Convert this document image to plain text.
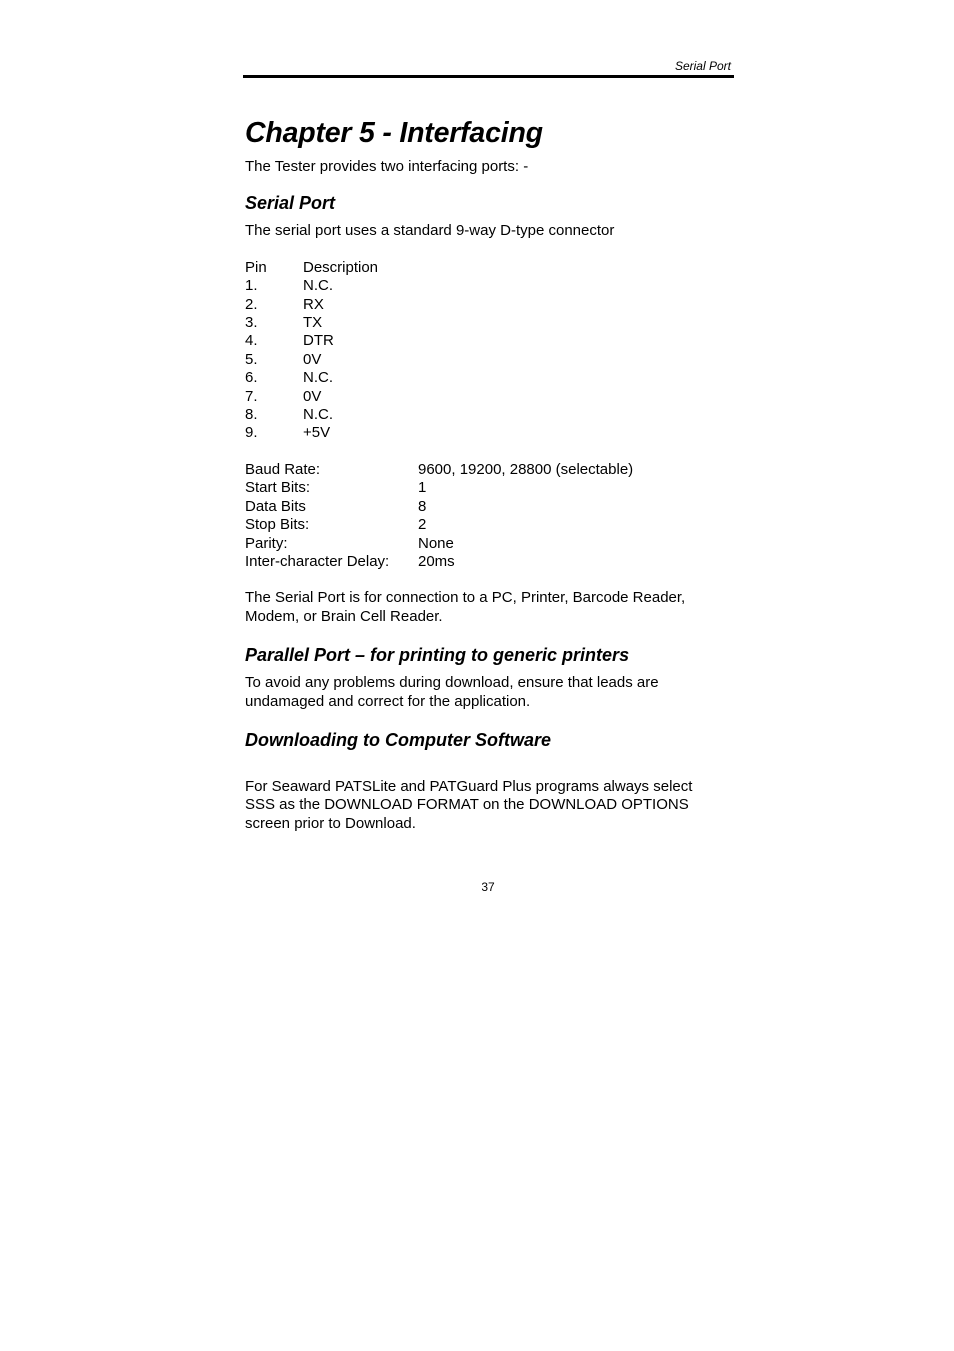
Serial Port
Chapter 5 - Interfacing

The Tester provides two interfacing ports: -

Serial Port

The serial port uses a standard 9-way D-type connector

Pin	Description
1.	N.C.
2.	RX
3.	TX
4.	DTR
5.	0V
6.	N.C.
7.	0V
8.	N.C.
9.	+5V
Baud Rate:	9600, 19200, 28800 (selectable)
Start Bits:	1
Data Bits	8
Stop Bits:	2
Parity:	None
Inter-character Delay:	20ms
The Serial Port is for connection to a PC, Printer, Barcode Reader,
Modem, or Brain Cell Reader.
Parallel Port – for printing to generic printers
To avoid any problems during download, ensure that leads are
undamaged and correct for the application.
Downloading to Computer Software
For Seaward PATSLite and PATGuard Plus programs always select
SSS as the DOWNLOAD FORMAT on the DOWNLOAD OPTIONS
screen prior to Download.
37
